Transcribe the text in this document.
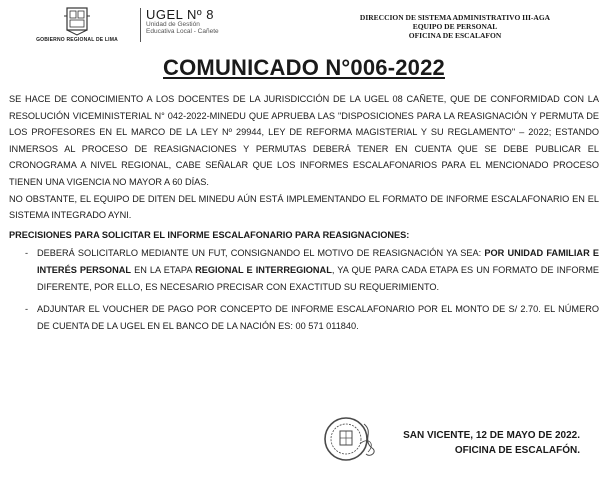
GOBIERNO REGIONAL DE LIMA
UGEL Nº 8
Unidad de Gestión
Educativa Local - Cañete
DIRECCION DE SISTEMA ADMINISTRATIVO III-AGA
EQUIPO DE PERSONAL
OFICINA DE ESCALAFON
COMUNICADO N°006-2022

SE HACE DE CONOCIMIENTO A LOS DOCENTES DE LA JURISDICCIÓN DE LA UGEL 08 CAÑETE, QUE DE CONFORMIDAD CON LA RESOLUCIÓN VICEMINISTERIAL N° 042-2022-MINEDU QUE APRUEBA LAS "DISPOSICIONES PARA LA REASIGNACIÓN Y PERMUTA DE LOS PROFESORES EN EL MARCO DE LA LEY Nº 29944, LEY DE REFORMA MAGISTERIAL Y SU REGLAMENTO" – 2022; ESTANDO INMERSOS AL PROCESO DE REASIGNACIONES Y PERMUTAS DEBERÁ TENER EN CUENTA QUE SE DEBE PUBLICAR EL CRONOGRAMA A NIVEL REGIONAL, CABE SEÑALAR QUE LOS INFORMES ESCALAFONARIOS PARA EL MENCIONADO PROCESO TIENEN UNA VIGENCIA NO MAYOR A 60 DÍAS.

NO OBSTANTE, EL EQUIPO DE DITEN DEL MINEDU AÚN ESTÁ IMPLEMENTANDO EL FORMATO DE INFORME ESCALAFONARIO EN EL SISTEMA INTEGRADO AYNI.

PRECISIONES PARA SOLICITAR EL INFORME ESCALAFONARIO PARA REASIGNACIONES:

- DEBERÁ SOLICITARLO MEDIANTE UN FUT, CONSIGNANDO EL MOTIVO DE REASIGNACIÓN YA SEA: POR UNIDAD FAMILIAR E INTERÉS PERSONAL EN LA ETAPA REGIONAL E INTERREGIONAL, YA QUE PARA CADA ETAPA ES UN FORMATO DE INFORME DIFERENTE, POR ELLO, ES NECESARIO PRECISAR CON EXACTITUD SU REQUERIMIENTO.

- ADJUNTAR EL VOUCHER DE PAGO POR CONCEPTO DE INFORME ESCALAFONARIO POR EL MONTO DE S/ 2.70. EL NÚMERO DE CUENTA DE LA UGEL EN EL BANCO DE LA NACIÓN ES: 00 571 011840.

SAN VICENTE, 12 DE MAYO DE 2022.
OFICINA DE ESCALAFÓN.
